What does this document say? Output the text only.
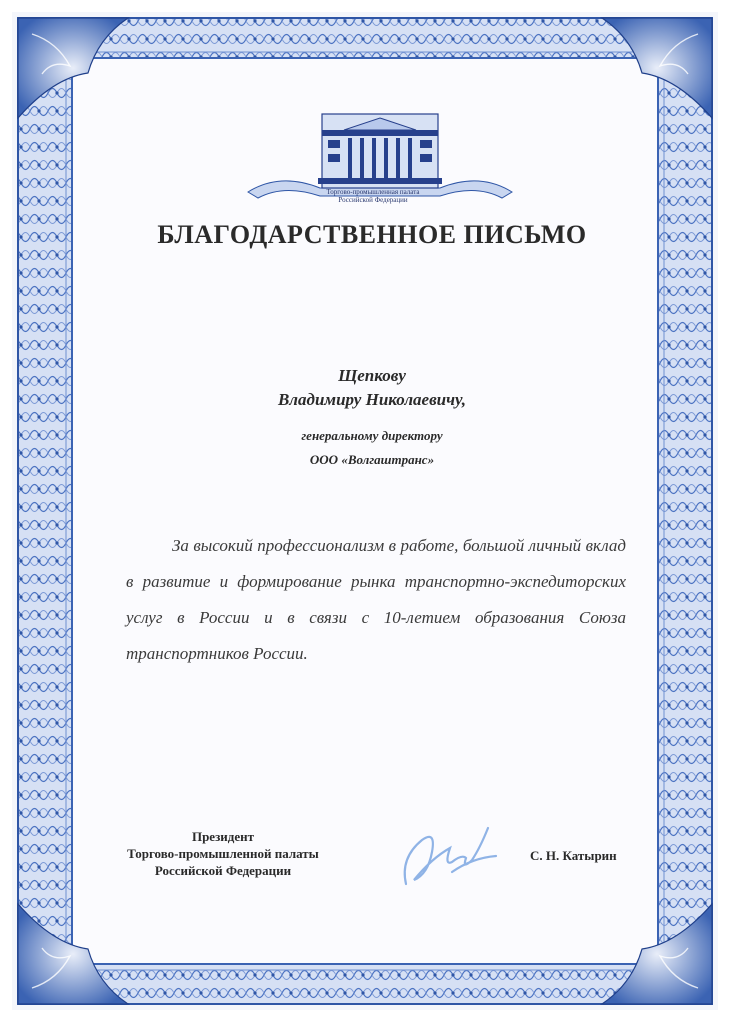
Торгово-промышленная палата
Российской Федерации
БЛАГОДАРСТВЕННОЕ ПИСЬМО
Щепкову
Владимиру Николаевичу,
генеральному директору
ООО «Волгаштранс»
За высокий профессионализм в работе, большой личный вклад в развитие и формирование рынка транспортно-экспедиторских услуг в России и в связи с 10-летием образования Союза транспортников России.
Президент
Торгово-промышленной палаты
Российской Федерации
С. Н. Катырин
